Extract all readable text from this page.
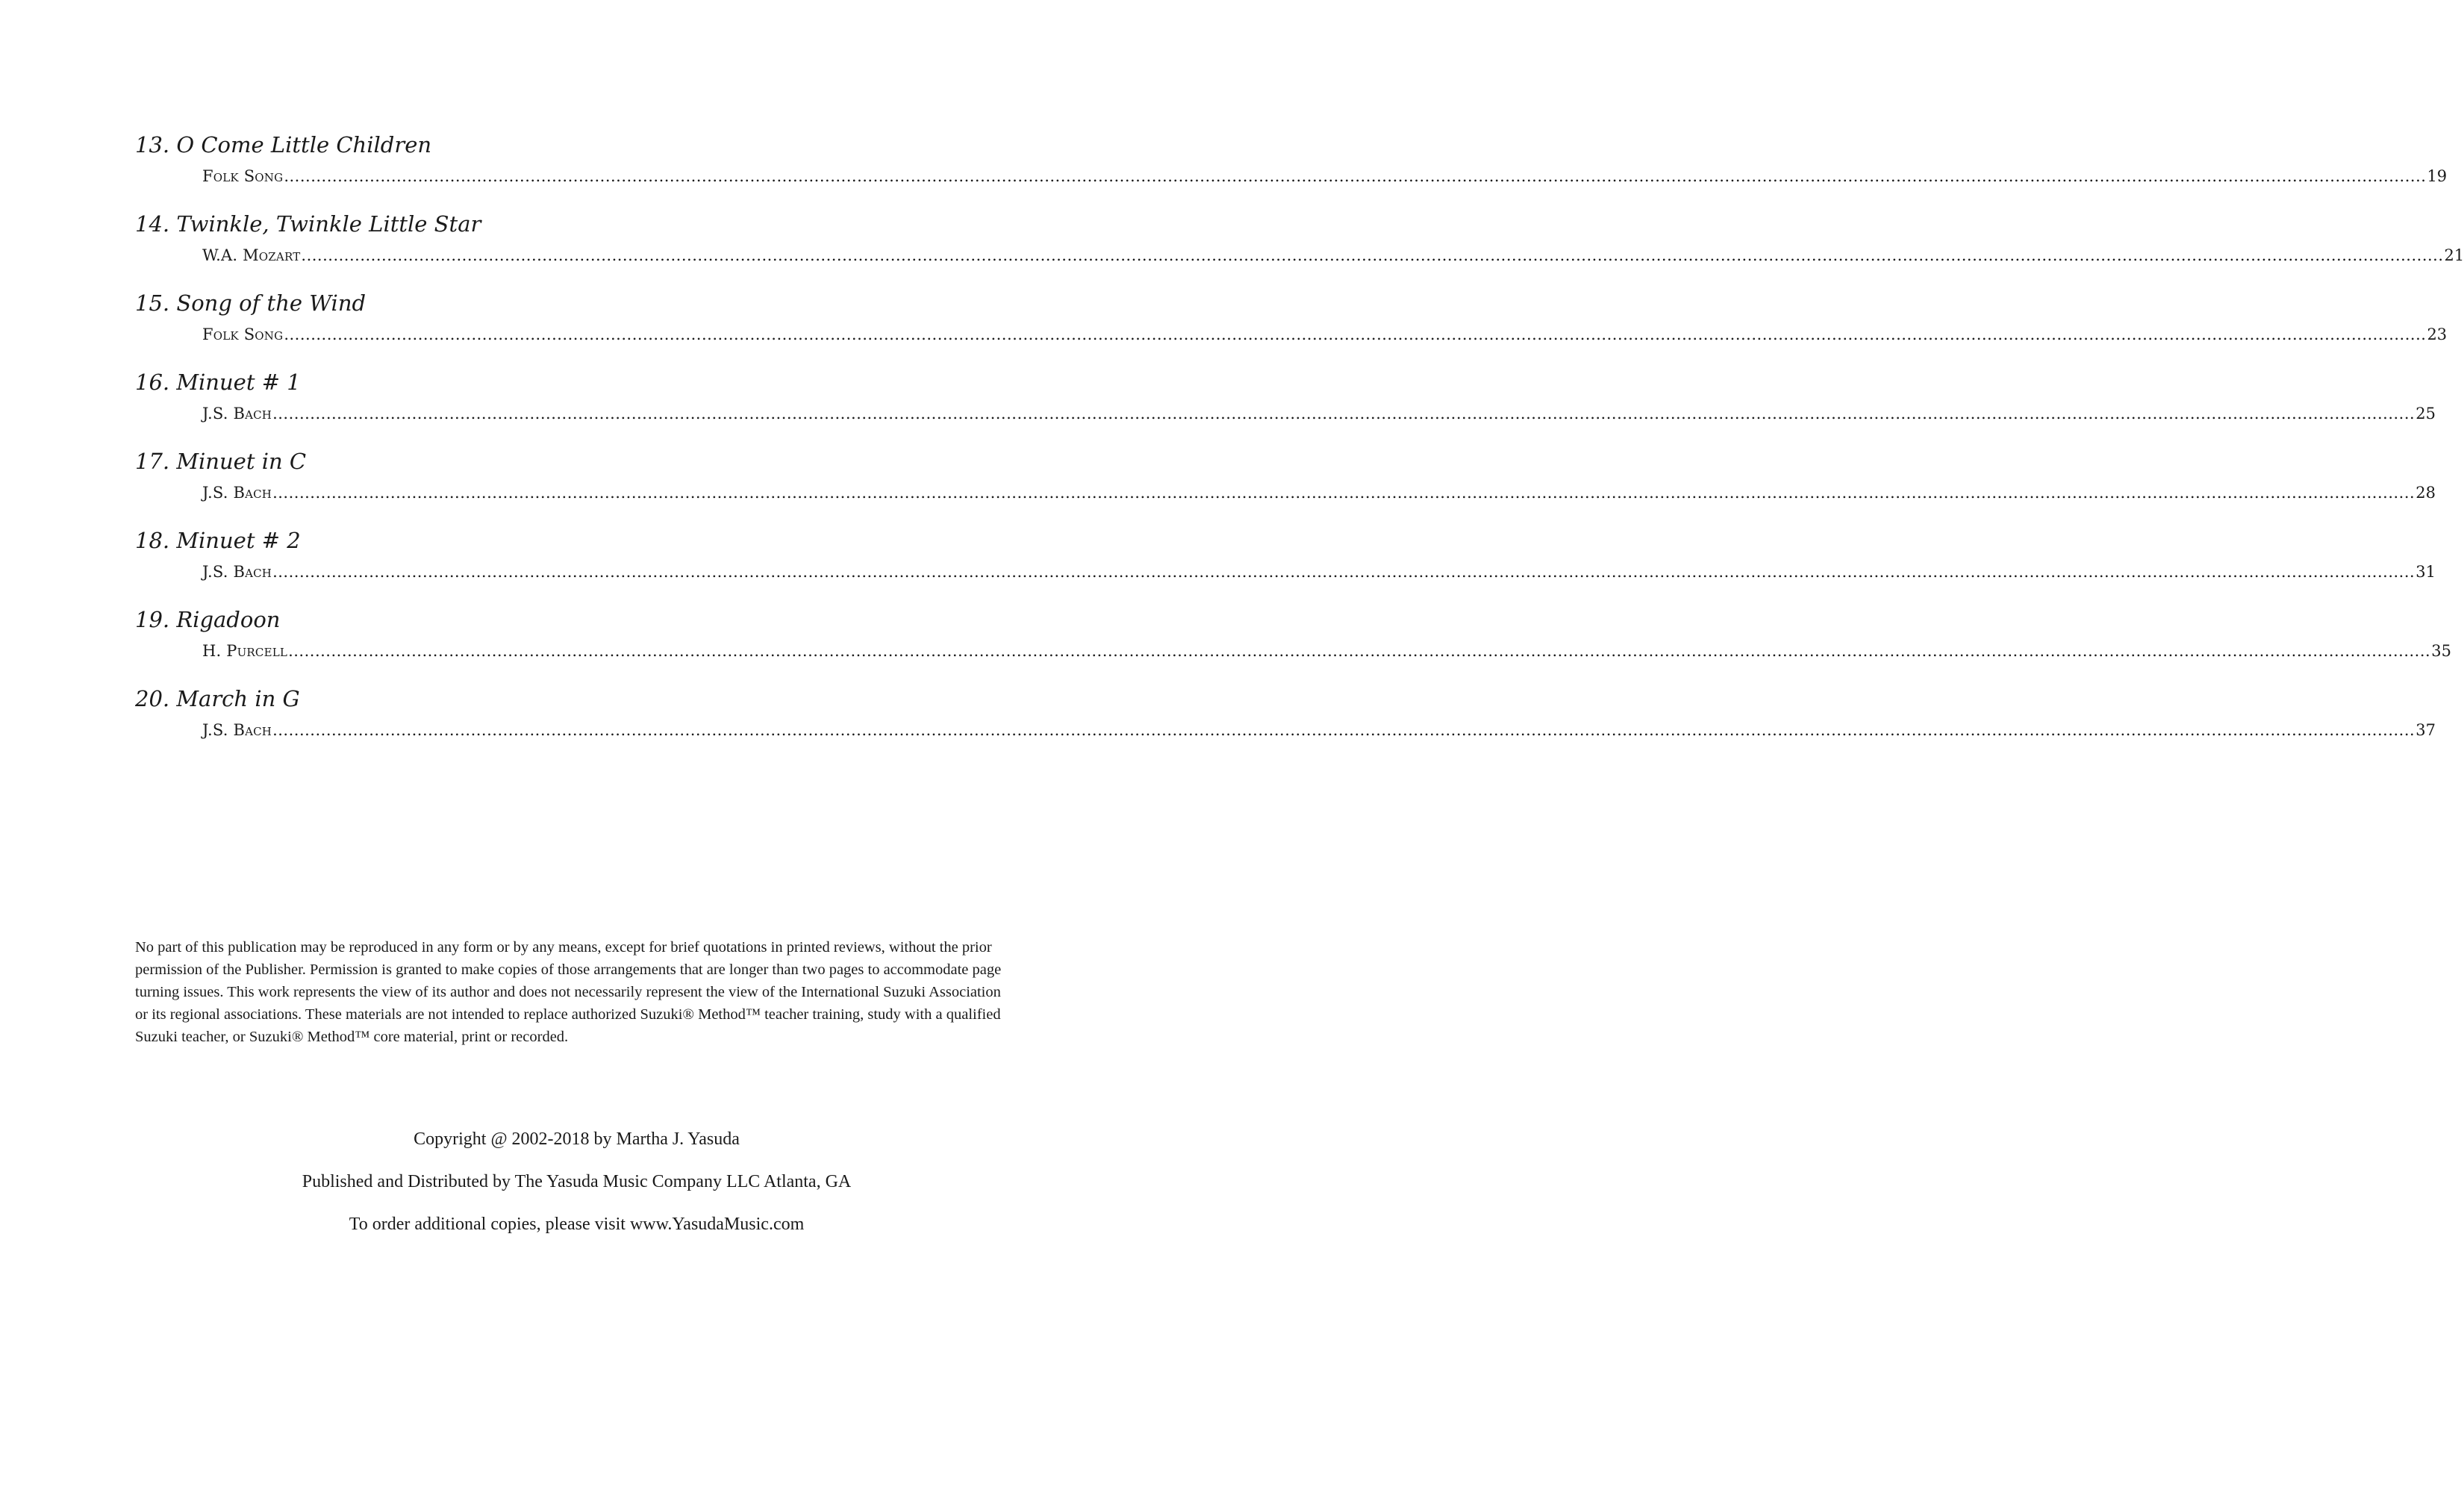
13. O Come Little Children
Folk Song ................................................................................................................................................................................................................................................................................................................................................................................................................ 19
14. Twinkle, Twinkle Little Star
W.A. Mozart ................................................................................................................................................................................................................................................................................................................................................................................................................ 21
15. Song of the Wind
Folk Song ................................................................................................................................................................................................................................................................................................................................................................................................................ 23
16. Minuet # 1
J.S. Bach ................................................................................................................................................................................................................................................................................................................................................................................................................ 25
17. Minuet in C
J.S. Bach ................................................................................................................................................................................................................................................................................................................................................................................................................ 28
18. Minuet # 2
J.S. Bach ................................................................................................................................................................................................................................................................................................................................................................................................................ 31
19. Rigadoon
H. Purcell ................................................................................................................................................................................................................................................................................................................................................................................................................ 35
20. March in G
J.S. Bach ................................................................................................................................................................................................................................................................................................................................................................................................................ 37

No part of this publication may be reproduced in any form or by any means, except for brief quotations in printed reviews, without the prior permission of the Publisher. Permission is granted to make copies of those arrangements that are longer than two pages to accommodate page turning issues. This work represents the view of its author and does not necessarily represent the view of the International Suzuki Association or its regional associations. These materials are not intended to replace authorized Suzuki® Method™ teacher training, study with a qualified Suzuki teacher, or Suzuki® Method™ core material, print or recorded.

Copyright @ 2002-2018 by Martha J. Yasuda
Published and Distributed by The Yasuda Music Company LLC Atlanta, GA
To order additional copies, please visit www.YasudaMusic.com
